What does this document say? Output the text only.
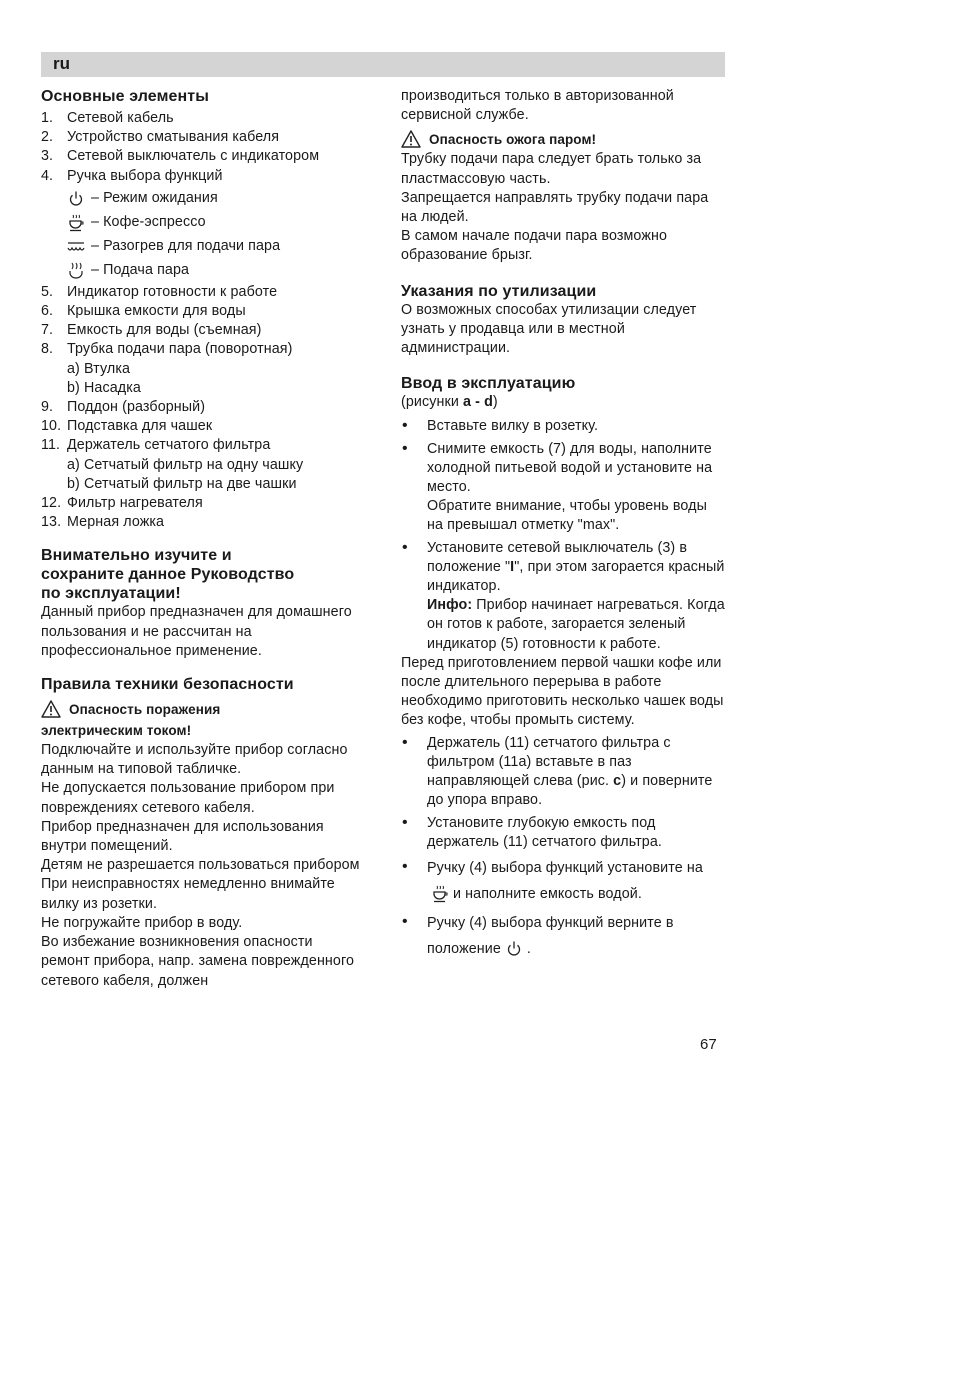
ru
Основные элементы
1. Сетевой кабель
2. Устройство сматывания кабеля
3. Сетевой выключатель с индикатором
4. Ручка выбора функций
– Режим ожидания
– Кофе-эспрессо
– Разогрев для подачи пара
– Подача пара
5. Индикатор готовности к работе
6. Крышка емкости для воды
7. Емкость для воды (съемная)
8. Трубка подачи пара (поворотная)
a) Втулка
b) Насадка
9. Поддон (разборный)
10. Подставка для чашек
11. Держатель сетчатого фильтра
a) Сетчатый фильтр на одну чашку
b) Сетчатый фильтр на две чашки
12. Фильтр нагревателя
13. Мерная ложка
Внимательно изучите и
сохраните данное Руководство
по эксплуатации!

Данный прибор предназначен для домашнего пользования и не рассчитан на профессиональное применение.

Правила техники безопасности
Опасность поражения
электрическим током!

Подключайте и используйте прибор согласно данным на типовой табличке.

Не допускается пользование прибором при повреждениях сетевого кабеля.

Прибор предназначен для использования внутри помещений.

Детям не разрешается пользоваться прибором

При неисправностях немедленно внимайте вилку из розетки.

Не погружайте прибор в воду.

Во избежание возникновения опасности ремонт прибора, напр. замена поврежденного сетевого кабеля, должен

производиться только в авторизованной сервисной службе.

Опасность ожога паром!

Трубку подачи пара следует брать только за пластмассовую часть.

Запрещается направлять трубку подачи пара на людей.

В самом начале подачи пара возможно образование брызг.

Указания по утилизации

О возможных способах утилизации следует узнать у продавца или в местной администрации.

Ввод в эксплуатацию

(рисунки a - d)

• Вставьте вилку в розетку.
• Снимите емкость (7) для воды, наполните холодной питьевой водой и установите на место.
Обратите внимание, чтобы уровень воды на превышал отметку "max".
• Установите сетевой выключатель (3) в положение "I", при этом загорается красный индикатор.
Инфо: Прибор начинает нагреваться. Когда он готов к работе, загорается зеленый индикатор (5) готовности к работе.

Перед приготовлением первой чашки кофе или после длительного перерыва в работе необходимо приготовить несколько чашек воды без кофе, чтобы промыть систему.

• Держатель (11) сетчатого фильтра с фильтром (11a) вставьте в паз направляющей слева (рис. c) и поверните до упора вправо.
• Установите глубокую емкость под держатель (11) сетчатого фильтра.
• Ручку (4) выбора функций установите наи наполните емкость водой.
• Ручку (4) выбора функций верните в положение .
67
